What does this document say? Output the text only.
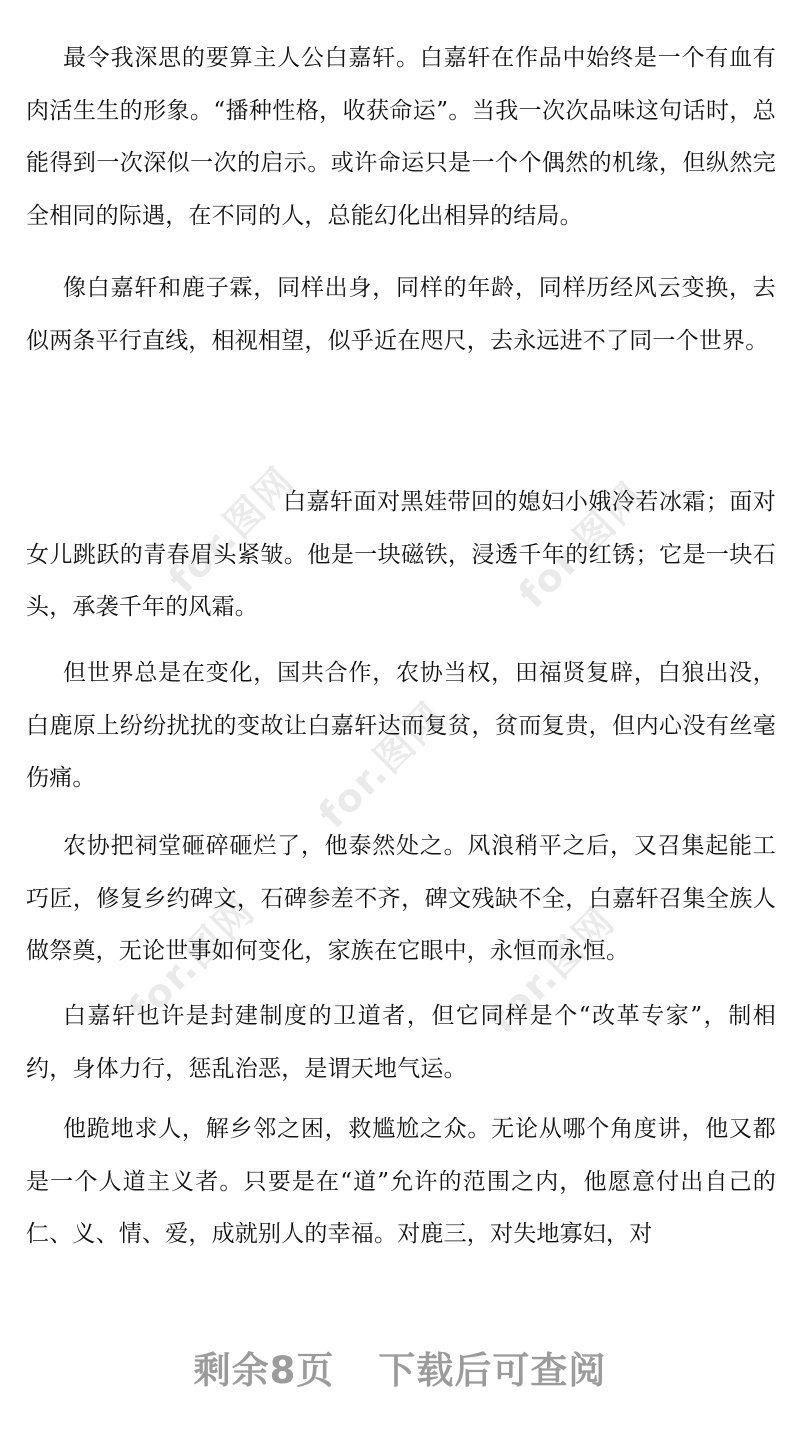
for.图网	for.图网
for.图网
for.图网	for.图网

最令我深思的要算主人公白嘉轩。白嘉轩在作品中始终是一个有血有肉活生生的形象。“播种性格，收获命运”。当我一次次品味这句话时，总能得到一次深似一次的启示。或许命运只是一个个偶然的机缘，但纵然完全相同的际遇，在不同的人，总能幻化出相异的结局。

像白嘉轩和鹿子霖，同样出身，同样的年龄，同样历经风云变换，去似两条平行直线，相视相望，似乎近在咫尺，去永远进不了同一个世界。

白嘉轩面对黑娃带回的媳妇小娥冷若冰霜；面对女儿跳跃的青春眉头紧皱。他是一块磁铁，浸透千年的红锈；它是一块石头，承袭千年的风霜。

但世界总是在变化，国共合作，农协当权，田福贤复辟，白狼出没，白鹿原上纷纷扰扰的变故让白嘉轩达而复贫，贫而复贵，但内心没有丝毫伤痛。

农协把祠堂砸碎砸烂了，他泰然处之。风浪稍平之后，又召集起能工巧匠，修复乡约碑文，石碑参差不齐，碑文残缺不全，白嘉轩召集全族人做祭奠，无论世事如何变化，家族在它眼中，永恒而永恒。

白嘉轩也许是封建制度的卫道者，但它同样是个“改革专家”，制相约，身体力行，惩乱治恶，是谓天地气运。

他跪地求人，解乡邻之困，救尴尬之众。无论从哪个角度讲，他又都是一个人道主义者。只要是在“道”允许的范围之内，他愿意付出自己的仁、义、情、爱，成就别人的幸福。对鹿三，对失地寡妇，对

剩余8页 下载后可查阅
